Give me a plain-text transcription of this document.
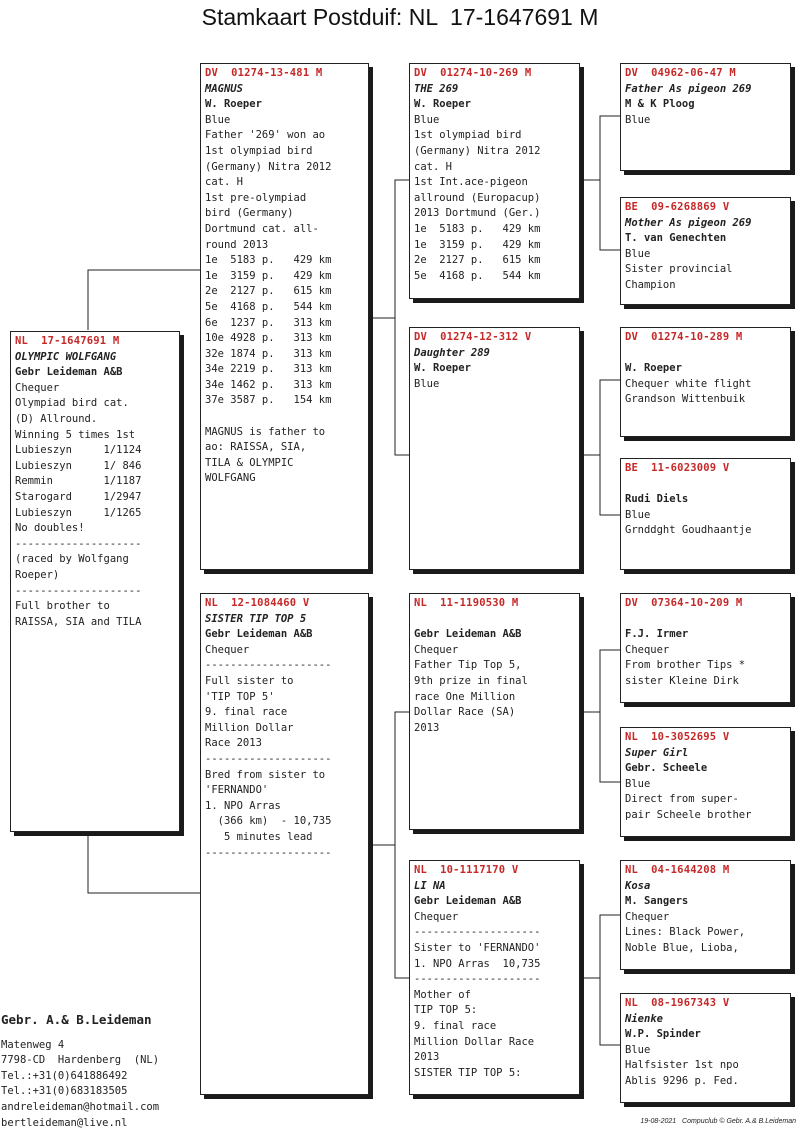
Stamkaart Postduif: NL  17-1647691 M
NL  17-1647691 M
OLYMPIC WOLFGANG
Gebr Leideman A&B
Chequer
Olympiad bird cat.
(D) Allround.
Winning 5 times 1st
Lubieszyn     1/1124
Lubieszyn     1/ 846
Remmin        1/1187
Starogard     1/2947
Lubieszyn     1/1265
No doubles!
--------------------
(raced by Wolfgang
Roeper)
--------------------
Full brother to
RAISSA, SIA and TILA
DV  01274-13-481 M
MAGNUS
W. Roeper
Blue
Father '269' won ao
1st olympiad bird
(Germany) Nitra 2012
cat. H
1st pre-olympiad
bird (Germany)
Dortmund cat. all-
round 2013
1e  5183 p.   429 km
1e  3159 p.   429 km
2e  2127 p.   615 km
5e  4168 p.   544 km
6e  1237 p.   313 km
10e 4928 p.   313 km
32e 1874 p.   313 km
34e 2219 p.   313 km
34e 1462 p.   313 km
37e 3587 p.   154 km
MAGNUS is father to
ao: RAISSA, SIA,
TILA & OLYMPIC
WOLFGANG
NL  12-1084460 V
SISTER TIP TOP 5
Gebr Leideman A&B
Chequer
--------------------
Full sister to
'TIP TOP 5'
9. final race
Million Dollar
Race 2013
--------------------
Bred from sister to
'FERNANDO'
1. NPO Arras
(366 km)  - 10,735
5 minutes lead
--------------------
DV  01274-10-269 M
THE 269
W. Roeper
Blue
1st olympiad bird
(Germany) Nitra 2012
cat. H
1st Int.ace-pigeon
allround (Europacup)
2013 Dortmund (Ger.)
1e  5183 p.   429 km
1e  3159 p.   429 km
2e  2127 p.   615 km
5e  4168 p.   544 km
DV  01274-12-312 V
Daughter 289
W. Roeper
Blue
NL  11-1190530 M
Gebr Leideman A&B
Chequer
Father Tip Top 5,
9th prize in final
race One Million
Dollar Race (SA)
2013
NL  10-1117170 V
LI NA
Gebr Leideman A&B
Chequer
--------------------
Sister to 'FERNANDO'
1. NPO Arras  10,735
--------------------
Mother of
TIP TOP 5:
9. final race
Million Dollar Race
2013
SISTER TIP TOP 5:
DV  04962-06-47 M
Father As pigeon 269
M & K Ploog
Blue
BE  09-6268869 V
Mother As pigeon 269
T. van Genechten
Blue
Sister provincial
Champion
DV  01274-10-289 M
W. Roeper
Chequer white flight
Grandson Wittenbuik
BE  11-6023009 V
Rudi Diels
Blue
Grnddght Goudhaantje
DV  07364-10-209 M
F.J. Irmer
Chequer
From brother Tips *
sister Kleine Dirk
NL  10-3052695 V
Super Girl
Gebr. Scheele
Blue
Direct from super-
pair Scheele brother
NL  04-1644208 M
Kosa
M. Sangers
Chequer
Lines: Black Power,
Noble Blue, Lioba,
NL  08-1967343 V
Nienke
W.P. Spinder
Blue
Halfsister 1st npo
Ablis 9296 p. Fed.
Gebr. A.& B.Leideman
Matenweg 4
7798-CD  Hardenberg  (NL)
Tel.:+31(0)641886492
Tel.:+31(0)683183505
andreleideman@hotmail.com
bertleideman@live.nl	19-08-2021   Compuclub © Gebr. A.& B.Leideman
